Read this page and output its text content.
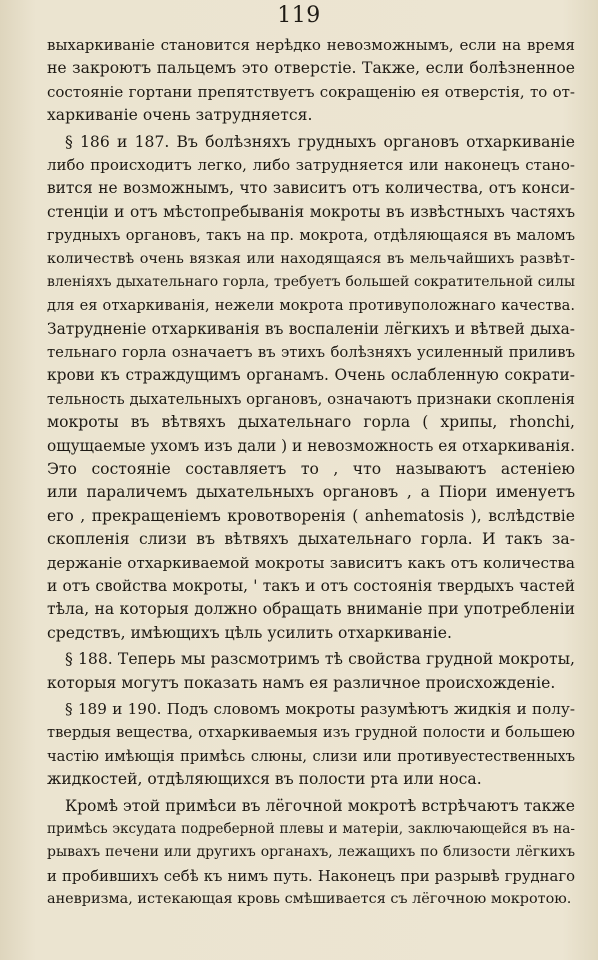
119
выхаркиваніе становится нерѣдко невозможнымъ, если на время
не закроютъ пальцемъ это отверстіе. Также, если болѣзненное
состояніе гортани препятствуетъ сокращенію ея отверстія, то от-
харкиваніе очень затрудняется.
§ 186 и 187. Въ болѣзняхъ грудныхъ органовъ отхаркиваніе
либо происходитъ легко, либо затрудняется или наконецъ стано-
вится не возможнымъ, что зависитъ отъ количества, отъ конси-
стенціи и отъ мѣстопребыванія мокроты въ извѣстныхъ частяхъ
грудныхъ органовъ, такъ на пр. мокрота, отдѣляющаяся въ маломъ
количествѣ очень вязкая или находящаяся въ мельчайшихъ развѣт-
вленіяхъ дыхательнаго горла, требуетъ большей сократительной силы
для ея отхаркиванія, нежели мокрота противуположнаго качества.
Затрудненіе отхаркиванія въ воспаленіи лёгкихъ и вѣтвей дыха-
тельнаго горла означаетъ въ этихъ болѣзняхъ усиленный приливъ
крови къ страждущимъ органамъ. Очень ослабленную сократи-
тельность дыхательныхъ органовъ, означаютъ признаки скопленія
мокроты въ вѣтвяхъ дыхательнаго горла ( хрипы, rhonchi,
ощущаемые ухомъ изъ дали ) и невозможность ея отхаркиванія.
Это состояніе составляетъ то , что называютъ астеніею
или параличемъ дыхательныхъ органовъ , а Піори именуетъ
его , прекращеніемъ кровотворенія ( anhematosis ), вслѣдствіе
скопленія слизи въ вѣтвяхъ дыхательнаго горла. И такъ за-
держаніе отхаркиваемой мокроты зависитъ какъ отъ количества
и отъ свойства мокроты, ' такъ и отъ состоянія твердыхъ частей
тѣла, на которыя должно обращать вниманіе при употребленіи
средствъ, имѣющихъ цѣль усилить отхаркиваніе.
§ 188. Теперь мы разсмотримъ тѣ свойства грудной мокроты,
которыя могутъ показать намъ ея различное происхожденіе.
§ 189 и 190. Подъ словомъ мокроты разумѣютъ жидкія и полу-
твердыя вещества, отхаркиваемыя изъ грудной полости и большею
частію имѣющія примѣсь слюны, слизи или противуестественныхъ
жидкостей, отдѣляющихся въ полости рта или носа.
Кромѣ этой примѣси въ лёгочной мокротѣ встрѣчаютъ также
примѣсь эксудата подреберной плевы и матеріи, заключающейся въ на-
рывахъ печени или другихъ органахъ, лежащихъ по близости лёгкихъ
и пробившихъ себѣ къ нимъ путь. Наконецъ при разрывѣ груднаго
аневризма, истекающая кровь смѣшивается съ лёгочною мокротою.
